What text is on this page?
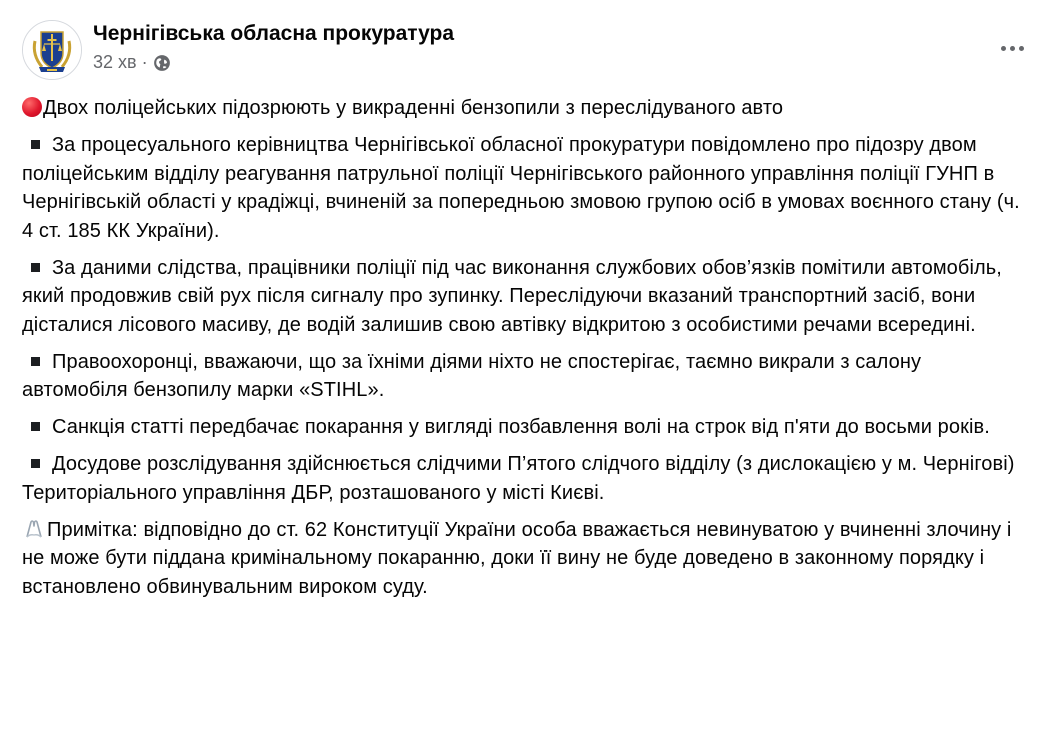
Чернігівська обласна прокуратура
32 хв ·

Двох поліцейських підозрюють у викраденні бензопили з переслідуваного авто

За процесуального керівництва Чернігівської обласної прокуратури повідомлено про підозру двом поліцейським відділу реагування патрульної поліції Чернігівського районного управління поліції ГУНП в Чернігівській області у крадіжці, вчиненій за попередньою змовою групою осіб в умовах воєнного стану (ч. 4 ст. 185 КК України).

За даними слідства, працівники поліції під час виконання службових обов’язків помітили автомобіль, який продовжив свій рух після сигналу про зупинку. Переслідуючи вказаний транспортний засіб, вони дісталися лісового масиву, де водій залишив свою автівку відкритою з особистими речами всередині.

Правоохоронці, вважаючи, що за їхніми діями ніхто не спостерігає, таємно викрали з салону автомобіля бензопилу марки «STIHL».

Санкція статті передбачає покарання у вигляді позбавлення волі на строк від п'яти до восьми років.

Досудове розслідування здійснюється слідчими П’ятого слідчого відділу (з дислокацією у м. Чернігові) Територіального управління ДБР, розташованого у місті Києві.

Примітка: відповідно до ст. 62 Конституції України особа вважається невинуватою у вчиненні злочину і не може бути піддана кримінальному покаранню, доки її вину не буде доведено в законному порядку і встановлено обвинувальним вироком суду.
